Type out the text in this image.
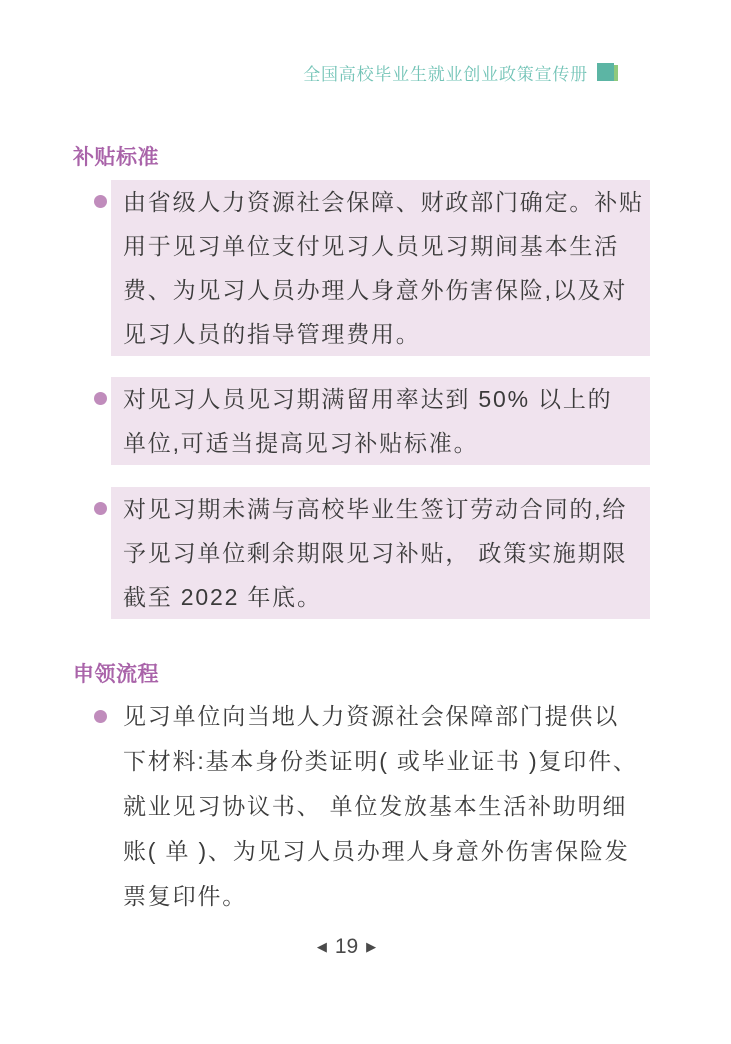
全国高校毕业生就业创业政策宣传册
补贴标准
由省级人力资源社会保障、财政部门确定。补贴
用于见习单位支付见习人员见习期间基本生活
费、为见习人员办理人身意外伤害保险,以及对
见习人员的指导管理费用。
对见习人员见习期满留用率达到 50% 以上的
单位,可适当提高见习补贴标准。
对见习期未满与高校毕业生签订劳动合同的,给
予见习单位剩余期限见习补贴， 政策实施期限
截至 2022 年底。
申领流程
见习单位向当地人力资源社会保障部门提供以
下材料:基本身份类证明( 或毕业证书 )复印件、
就业见习协议书、 单位发放基本生活补助明细
账( 单 )、为见习人员办理人身意外伤害保险发
票复印件。
◀ 19 ▶
